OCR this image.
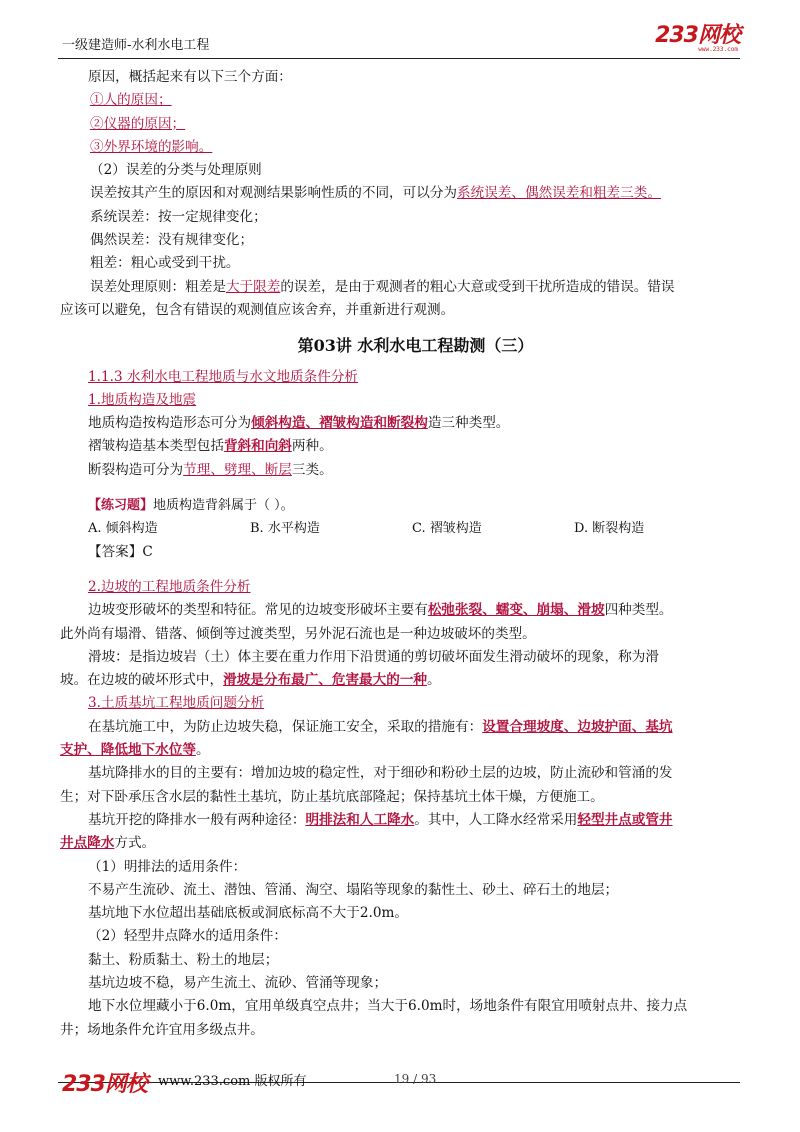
一级建造师-水利水电工程	233网校
www.233.com

原因，概括起来有以下三个方面：

①人的原因；

②仪器的原因；

③外界环境的影响。

（2）误差的分类与处理原则

误差按其产生的原因和对观测结果影响性质的不同，可以分为系统误差、偶然误差和粗差三类。

系统误差：按一定规律变化；

偶然误差：没有规律变化；

粗差：粗心或受到干扰。

误差处理原则：粗差是大于限差的误差，是由于观测者的粗心大意或受到干扰所造成的错误。错误

应该可以避免，包含有错误的观测值应该舍弃，并重新进行观测。

第03讲 水利水电工程勘测（三）

1.1.3 水利水电工程地质与水文地质条件分析

1.地质构造及地震

地质构造按构造形态可分为倾斜构造、褶皱构造和断裂构造三种类型。

褶皱构造基本类型包括背斜和向斜两种。

断裂构造可分为节理、劈理、断层三类。

【练习题】地质构造背斜属于（ ）。

A. 倾斜构造	B. 水平构造	C. 褶皱构造	D. 断裂构造

【答案】C

2.边坡的工程地质条件分析

边坡变形破坏的类型和特征。常见的边坡变形破坏主要有松弛张裂、蠕变、崩塌、滑坡四种类型。

此外尚有塌滑、错落、倾倒等过渡类型，另外泥石流也是一种边坡破坏的类型。

滑坡：是指边坡岩（土）体主要在重力作用下沿贯通的剪切破坏面发生滑动破坏的现象，称为滑

坡。在边坡的破坏形式中，滑坡是分布最广、危害最大的一种。

3.土质基坑工程地质问题分析

在基坑施工中，为防止边坡失稳，保证施工安全，采取的措施有：设置合理坡度、边坡护面、基坑

支护、降低地下水位等。

基坑降排水的目的主要有：增加边坡的稳定性，对于细砂和粉砂土层的边坡，防止流砂和管涌的发

生；对下卧承压含水层的黏性土基坑，防止基坑底部隆起；保持基坑土体干燥，方便施工。

基坑开挖的降排水一般有两种途径：明排法和人工降水。其中，人工降水经常采用轻型井点或管井

井点降水方式。

（1）明排法的适用条件：

不易产生流砂、流土、潜蚀、管涌、淘空、塌陷等现象的黏性土、砂土、碎石土的地层；

基坑地下水位超出基础底板或洞底标高不大于2.0m。

（2）轻型井点降水的适用条件：

黏土、粉质黏土、粉土的地层；

基坑边坡不稳，易产生流土、流砂、管涌等现象；

地下水位埋藏小于6.0m，宜用单级真空点井；当大于6.0m时，场地条件有限宜用喷射点井、接力点

井；场地条件允许宜用多级点井。

233网校 www.233.com 版权所有	19 / 93
